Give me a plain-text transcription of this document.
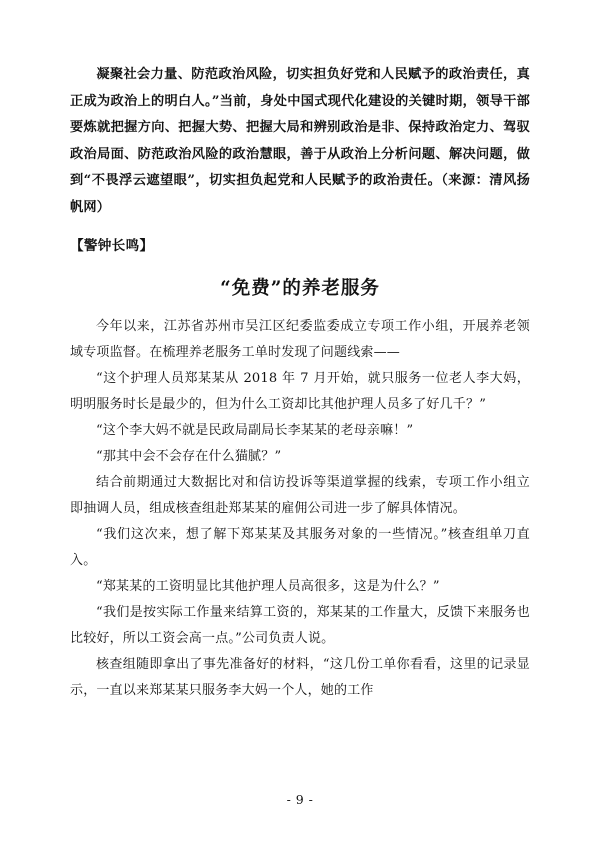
凝聚社会力量、防范政治风险，切实担负好党和人民赋予的政治责任，真正成为政治上的明白人。”当前，身处中国式现代化建设的关键时期，领导干部要炼就把握方向、把握大势、把握大局和辨别政治是非、保持政治定力、驾驭政治局面、防范政治风险的政治慧眼，善于从政治上分析问题、解决问题，做到“不畏浮云遮望眼”，切实担负起党和人民赋予的政治责任。（来源：清风扬帆网）

【警钟长鸣】
“免费”的养老服务

今年以来，江苏省苏州市吴江区纪委监委成立专项工作小组，开展养老领域专项监督。在梳理养老服务工单时发现了问题线索——

“这个护理人员郑某某从 2018 年 7 月开始，就只服务一位老人李大妈，明明服务时长是最少的，但为什么工资却比其他护理人员多了好几千？”

“这个李大妈不就是民政局副局长李某某的老母亲嘛！”

“那其中会不会存在什么猫腻？”

结合前期通过大数据比对和信访投诉等渠道掌握的线索，专项工作小组立即抽调人员，组成核查组赴郑某某的雇佣公司进一步了解具体情况。

“我们这次来，想了解下郑某某及其服务对象的一些情况。”核查组单刀直入。

“郑某某的工资明显比其他护理人员高很多，这是为什么？”

“我们是按实际工作量来结算工资的，郑某某的工作量大，反馈下来服务也比较好，所以工资会高一点。”公司负责人说。

核查组随即拿出了事先准备好的材料，“这几份工单你看看，这里的记录显示，一直以来郑某某只服务李大妈一个人，她的工作

- 9 -
